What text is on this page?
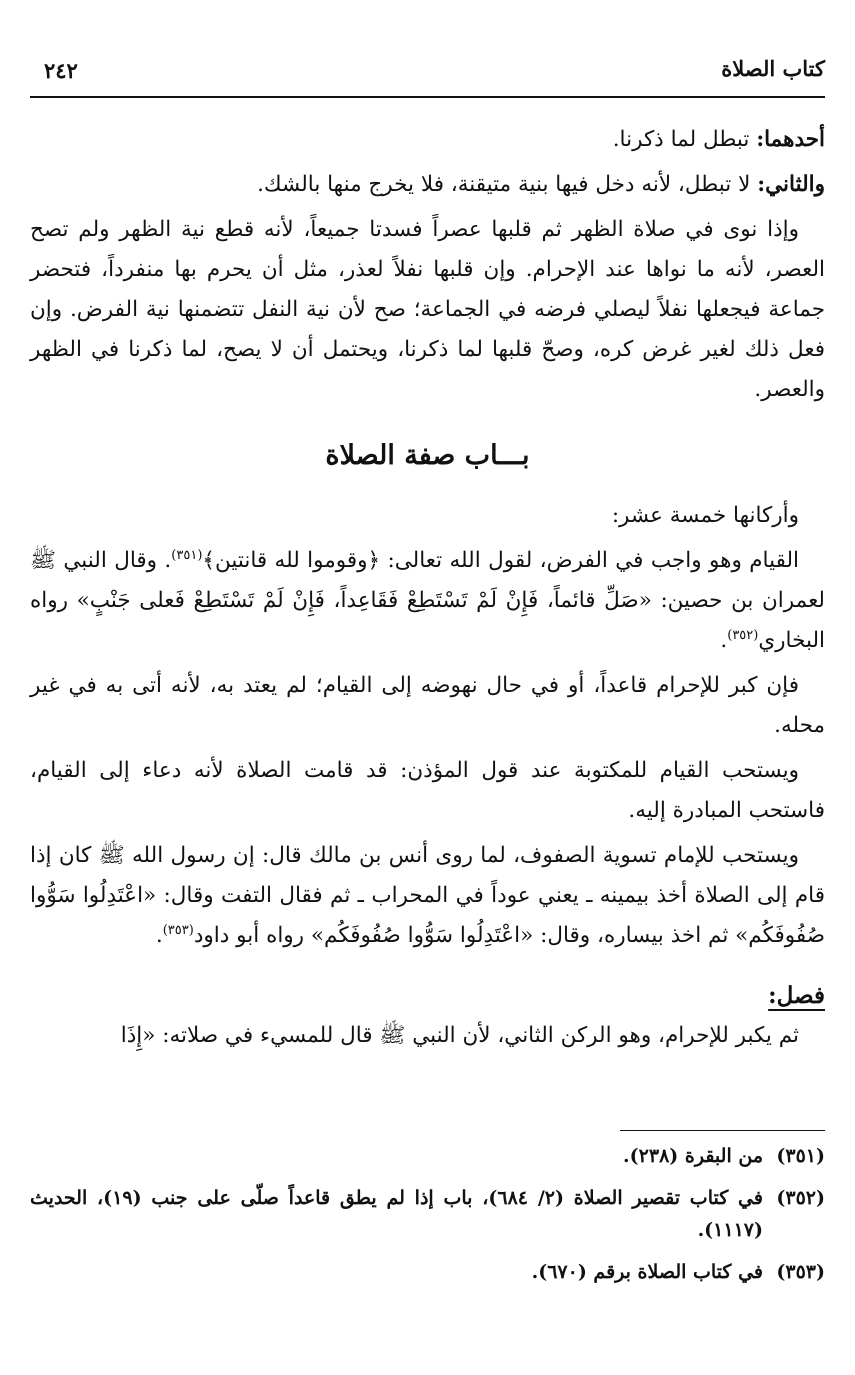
كتاب الصلاة
٢٤٢

أحدهما: تبطل لما ذكرنا.

والثاني: لا تبطل، لأنه دخل فيها بنية متيقنة، فلا يخرج منها بالشك.

وإذا نوى في صلاة الظهر ثم قلبها عصراً فسدتا جميعاً، لأنه قطع نية الظهر ولم تصح العصر، لأنه ما نواها عند الإحرام. وإن قلبها نفلاً لعذر، مثل أن يحرم بها منفرداً، فتحضر جماعة فيجعلها نفلاً ليصلي فرضه في الجماعة؛ صح لأن نية النفل تتضمنها نية الفرض. وإن فعل ذلك لغير غرض كره، وصحّ قلبها لما ذكرنا، ويحتمل أن لا يصح، لما ذكرنا في الظهر والعصر.

بـــاب صفة الصلاة

وأركانها خمسة عشر:

القيام وهو واجب في الفرض، لقول الله تعالى: ﴿وقوموا لله قانتين﴾$^{(٣٥١)}$. وقال النبي ﷺ لعمران بن حصين: «صَلِّ قائماً، فَإِنْ لَمْ تَسْتَطِعْ فَقَاعِداً، فَإِنْ لَمْ تَسْتَطِعْ فَعلى جَنْبٍ» رواه البخاري$^{(٣٥٢)}$.

فإن كبر للإحرام قاعداً، أو في حال نهوضه إلى القيام؛ لم يعتد به، لأنه أتى به في غير محله.

ويستحب القيام للمكتوبة عند قول المؤذن: قد قامت الصلاة لأنه دعاء إلى القيام، فاستحب المبادرة إليه.

ويستحب للإمام تسوية الصفوف، لما روى أنس بن مالك قال: إن رسول الله ﷺ كان إذا قام إلى الصلاة أخذ بيمينه ـ يعني عوداً في المحراب ـ ثم فقال التفت وقال: «اعْتَدِلُوا سَوُّوا صُفُوفَكُم» ثم اخذ بيساره، وقال: «اعْتَدِلُوا سَوُّوا صُفُوفَكُم» رواه أبو داود$^{(٣٥٣)}$.

فصل:

ثم يكبر للإحرام، وهو الركن الثاني، لأن النبي ﷺ قال للمسيء في صلاته: «إِذَا

(٣٥١)
من البقرة (٢٣٨).
(٣٥٢)
في كتاب تقصير الصلاة (٢/ ٦٨٤)، باب إذا لم يطق قاعداً صلّى على جنب (١٩)، الحديث (١١١٧).
(٣٥٣)
في كتاب الصلاة برقم (٦٧٠).
